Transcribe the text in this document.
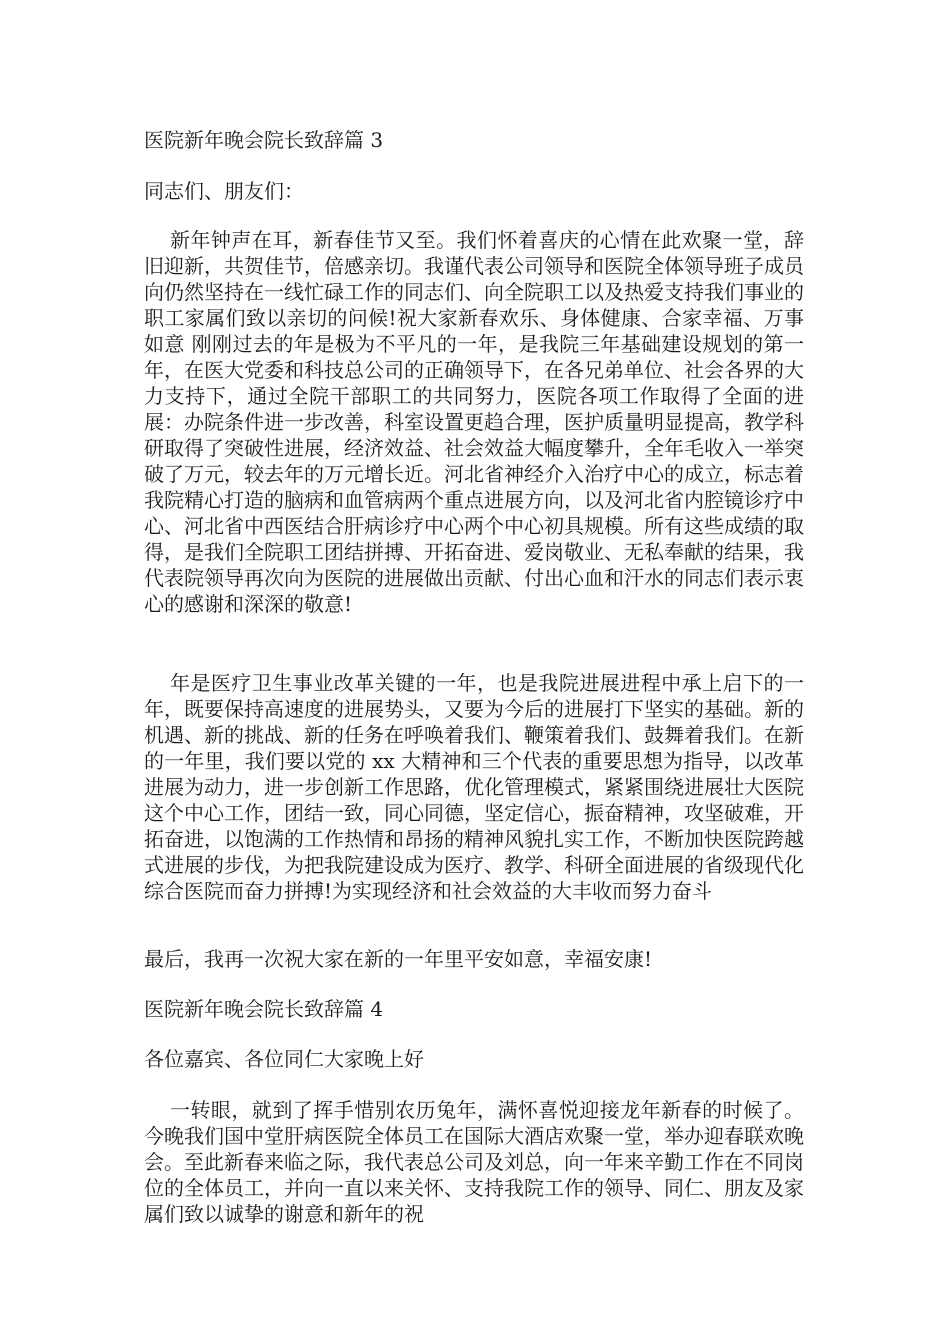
医院新年晚会院长致辞篇 3

同志们、朋友们：

新年钟声在耳，新春佳节又至。我们怀着喜庆的心情在此欢聚一堂，辞旧迎新，共贺佳节，倍感亲切。我谨代表公司领导和医院全体领导班子成员向仍然坚持在一线忙碌工作的同志们、向全院职工以及热爱支持我们事业的职工家属们致以亲切的问候!祝大家新春欢乐、身体健康、合家幸福、万事如意 刚刚过去的年是极为不平凡的一年，是我院三年基础建设规划的第一年，在医大党委和科技总公司的正确领导下，在各兄弟单位、社会各界的大力支持下，通过全院干部职工的共同努力，医院各项工作取得了全面的进展：办院条件进一步改善，科室设置更趋合理，医护质量明显提高，教学科研取得了突破性进展，经济效益、社会效益大幅度攀升，全年毛收入一举突破了万元，较去年的万元增长近。河北省神经介入治疗中心的成立，标志着我院精心打造的脑病和血管病两个重点进展方向，以及河北省内腔镜诊疗中心、河北省中西医结合肝病诊疗中心两个中心初具规模。所有这些成绩的取得，是我们全院职工团结拼搏、开拓奋进、爱岗敬业、无私奉献的结果，我代表院领导再次向为医院的进展做出贡献、付出心血和汗水的同志们表示衷心的感谢和深深的敬意!

年是医疗卫生事业改革关键的一年，也是我院进展进程中承上启下的一年，既要保持高速度的进展势头，又要为今后的进展打下坚实的基础。新的机遇、新的挑战、新的任务在呼唤着我们、鞭策着我们、鼓舞着我们。在新的一年里，我们要以党的 xx 大精神和三个代表的重要思想为指导，以改革进展为动力，进一步创新工作思路，优化管理模式，紧紧围绕进展壮大医院这个中心工作，团结一致，同心同德，坚定信心，振奋精神，攻坚破难，开拓奋进，以饱满的工作热情和昂扬的精神风貌扎实工作，不断加快医院跨越式进展的步伐，为把我院建设成为医疗、教学、科研全面进展的省级现代化综合医院而奋力拼搏!为实现经济和社会效益的大丰收而努力奋斗

最后，我再一次祝大家在新的一年里平安如意，幸福安康!

医院新年晚会院长致辞篇 4

各位嘉宾、各位同仁大家晚上好

一转眼，就到了挥手惜别农历兔年，满怀喜悦迎接龙年新春的时候了。今晚我们国中堂肝病医院全体员工在国际大酒店欢聚一堂，举办迎春联欢晚会。至此新春来临之际，我代表总公司及刘总，向一年来辛勤工作在不同岗位的全体员工，并向一直以来关怀、支持我院工作的领导、同仁、朋友及家属们致以诚挚的谢意和新年的祝
